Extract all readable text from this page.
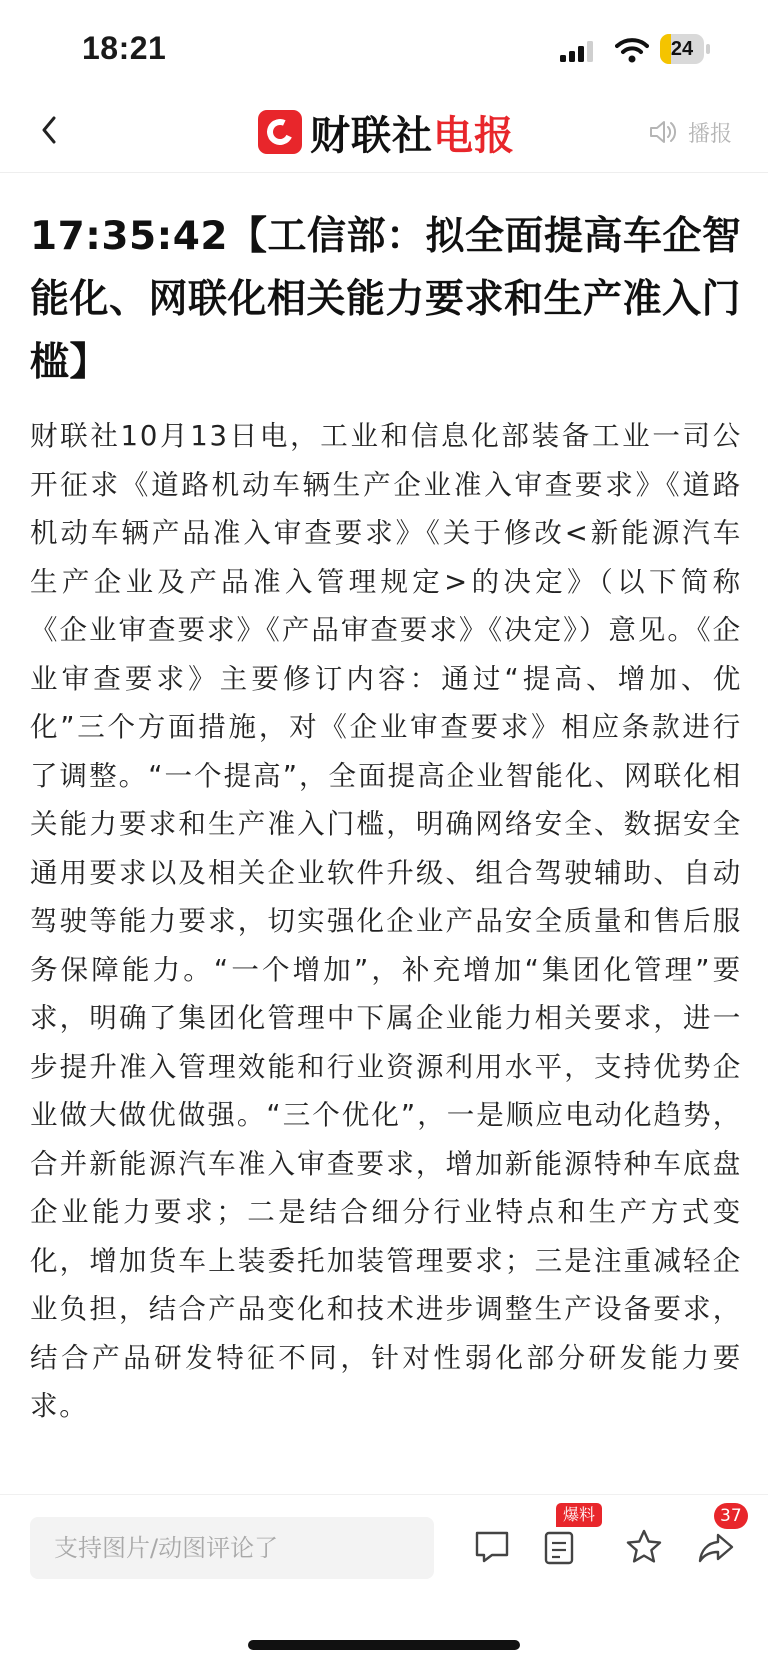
18:21	24
财联社电报	播报
17:35:42【工信部：拟全面提高车企智能化、网联化相关能力要求和生产准入门槛】

财联社10月13日电，工业和信息化部装备工业一司公开征求《道路机动车辆生产企业准入审查要求》《道路机动车辆产品准入审查要求》《关于修改<新能源汽车生产企业及产品准入管理规定>的决定》（以下简称《企业审查要求》《产品审查要求》《决定》）意见。《企业审查要求》主要修订内容：通过“提高、增加、优化”三个方面措施，对《企业审查要求》相应条款进行了调整。“一个提高”，全面提高企业智能化、网联化相关能力要求和生产准入门槛，明确网络安全、数据安全通用要求以及相关企业软件升级、组合驾驶辅助、自动驾驶等能力要求，切实强化企业产品安全质量和售后服务保障能力。“一个增加”，补充增加“集团化管理”要求，明确了集团化管理中下属企业能力相关要求，进一步提升准入管理效能和行业资源利用水平，支持优势企业做大做优做强。“三个优化”，一是顺应电动化趋势，合并新能源汽车准入审查要求，增加新能源特种车底盘企业能力要求；二是结合细分行业特点和生产方式变化，增加货车上装委托加装管理要求；三是注重减轻企业负担，结合产品变化和技术进步调整生产设备要求，结合产品研发特征不同，针对性弱化部分研发能力要求。

支持图片/动图评论了
爆料	37
